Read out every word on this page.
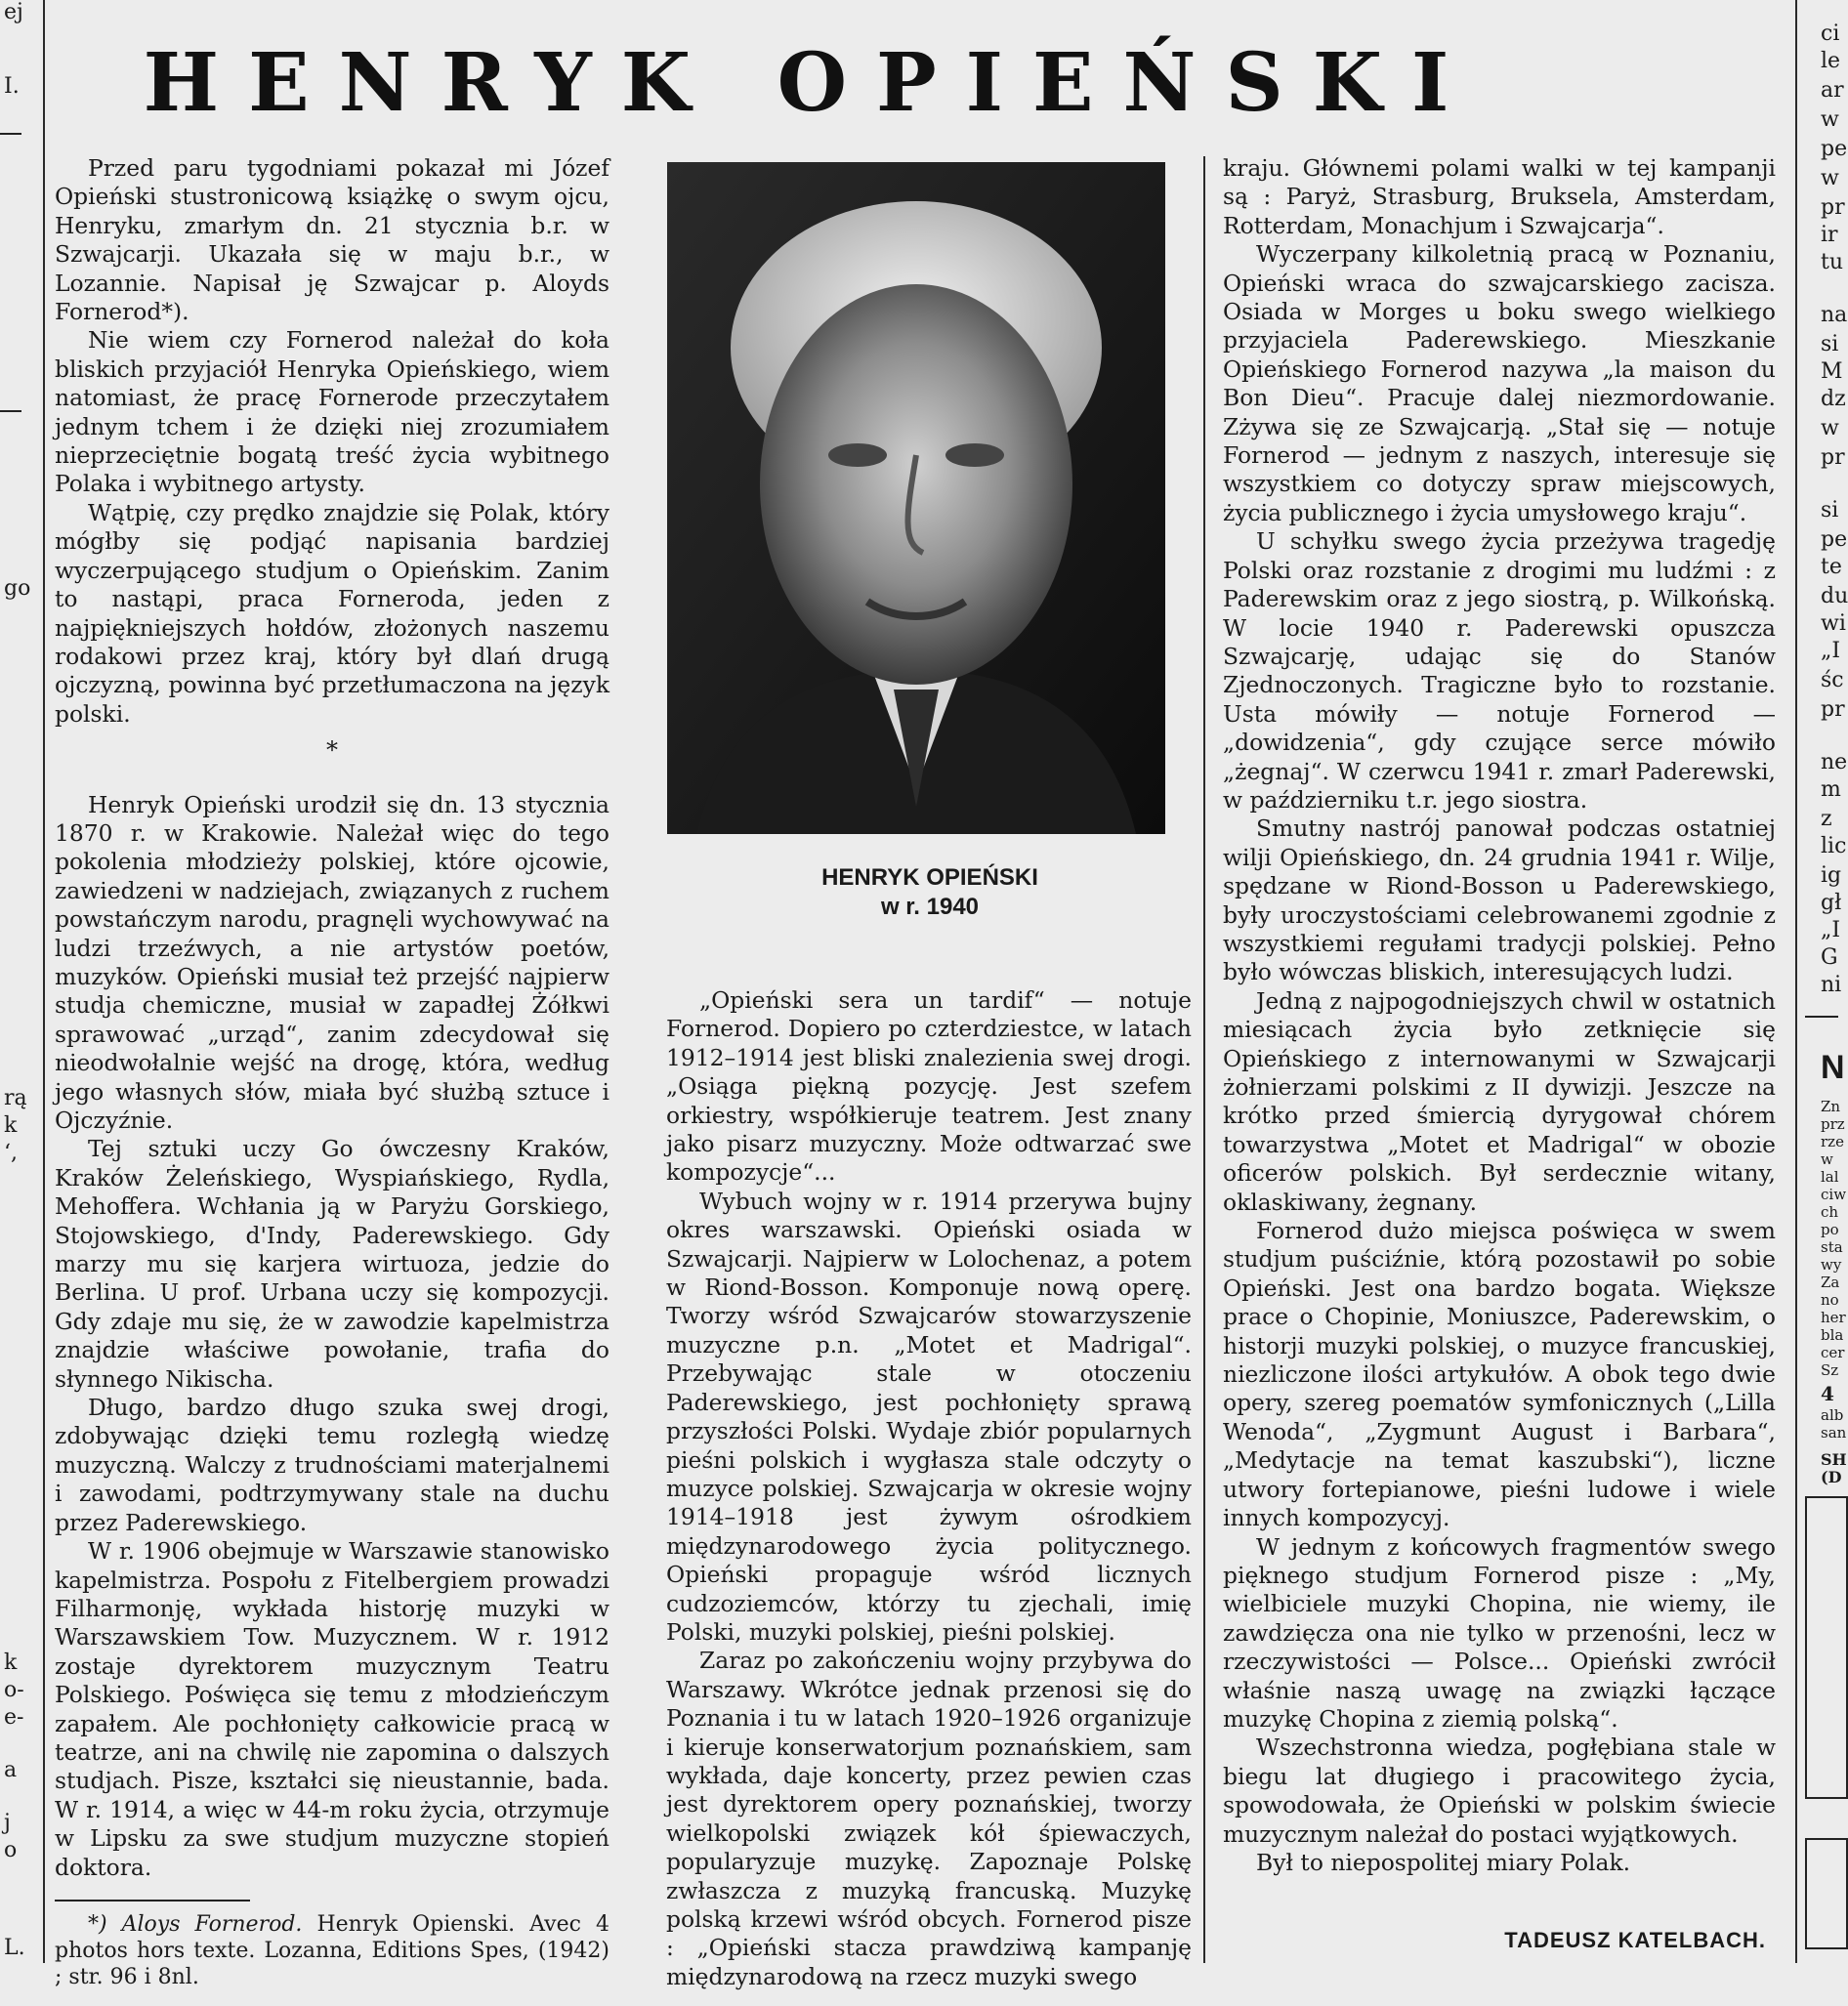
ej
I.
go
rą
k
‘,
k
o-
e-
a
j
o
L.
HENRYK OPIEŃSKI

Przed paru tygodniami pokazał mi Józef Opieński stustronicową książkę o swym ojcu, Henryku, zmarłym dn. 21 stycznia b.r. w Szwajcarji. Ukazała się w maju b.r., w Lozannie. Napisał ję Szwajcar p. Aloyds Fornerod*).

Nie wiem czy Fornerod należał do koła bliskich przyjaciół Henryka Opieńskiego, wiem natomiast, że pracę Fornerode przeczytałem jednym tchem i że dzięki niej zrozumiałem nieprzeciętnie bogatą treść życia wybitnego Polaka i wybitnego artysty.

Wątpię, czy prędko znajdzie się Polak, który mógłby się podjąć napisania bardziej wyczerpującego studjum o Opieńskim. Zanim to nastąpi, praca Forneroda, jeden z najpiękniejszych hołdów, złożonych naszemu rodakowi przez kraj, który był dlań drugą ojczyzną, powinna być przetłumaczona na język polski.

*

Henryk Opieński urodził się dn. 13 stycznia 1870 r. w Krakowie. Należał więc do tego pokolenia młodzieży polskiej, które ojcowie, zawiedzeni w nadziejach, związanych z ruchem powstańczym narodu, pragnęli wychowywać na ludzi trzeźwych, a nie artystów poetów, muzyków. Opieński musiał też przejść najpierw studja chemiczne, musiał w zapadłej Żółkwi sprawować „urząd“, zanim zdecydował się nieodwołalnie wejść na drogę, która, według jego własnych słów, miała być służbą sztuce i Ojczyźnie.

Tej sztuki uczy Go ówczesny Kraków, Kraków Żeleńskiego, Wyspiańskiego, Rydla, Mehoffera. Wchłania ją w Paryżu Gorskiego, Stojowskiego, d'Indy, Paderewskiego. Gdy marzy mu się karjera wirtuoza, jedzie do Berlina. U prof. Urbana uczy się kompozycji. Gdy zdaje mu się, że w zawodzie kapelmistrza znajdzie właściwe powołanie, trafia do słynnego Nikischa.

Długo, bardzo długo szuka swej drogi, zdobywając dzięki temu rozległą wiedzę muzyczną. Walczy z trudnościami materjalnemi i zawodami, podtrzymywany stale na duchu przez Paderewskiego.

W r. 1906 obejmuje w Warszawie stanowisko kapelmistrza. Pospołu z Fitelbergiem prowadzi Filharmonję, wykłada historję muzyki w Warszawskiem Tow. Muzycznem. W r. 1912 zostaje dyrektorem muzycznym Teatru Polskiego. Poświęca się temu z młodzieńczym zapałem. Ale pochłonięty całkowicie pracą w teatrze, ani na chwilę nie zapomina o dalszych studjach. Pisze, kształci się nieustannie, bada. W r. 1914, a więc w 44-m roku życia, otrzymuje w Lipsku za swe studjum muzyczne stopień doktora.

*) Aloys Fornerod. Henryk Opienski. Avec 4 photos hors texte. Lozanna, Editions Spes, (1942) ; str. 96 i 8nl.

HENRYK OPIEŃSKI
w r. 1940

„Opieński sera un tardif“ — notuje Fornerod. Dopiero po czterdziestce, w latach 1912–1914 jest bliski znalezienia swej drogi. „Osiąga piękną pozycję. Jest szefem orkiestry, współkieruje teatrem. Jest znany jako pisarz muzyczny. Może odtwarzać swe kompozycje“...

Wybuch wojny w r. 1914 przerywa bujny okres warszawski. Opieński osiada w Szwajcarji. Najpierw w Lolochenaz, a potem w Riond-Bosson. Komponuje nową operę. Tworzy wśród Szwajcarów stowarzyszenie muzyczne p.n. „Motet et Madrigal“. Przebywając stale w otoczeniu Paderewskiego, jest pochłonięty sprawą przyszłości Polski. Wydaje zbiór popularnych pieśni polskich i wygłasza stale odczyty o muzyce polskiej. Szwajcarja w okresie wojny 1914–1918 jest żywym ośrodkiem międzynarodowego życia politycznego. Opieński propaguje wśród licznych cudzoziemców, którzy tu zjechali, imię Polski, muzyki polskiej, pieśni polskiej.

Zaraz po zakończeniu wojny przybywa do Warszawy. Wkrótce jednak przenosi się do Poznania i tu w latach 1920–1926 organizuje i kieruje konserwatorjum poznańskiem, sam wykłada, daje koncerty, przez pewien czas jest dyrektorem opery poznańskiej, tworzy wielkopolski związek kół śpiewaczych, popularyzuje muzykę. Zapoznaje Polskę zwłaszcza z muzyką francuską. Muzykę polską krzewi wśród obcych. Fornerod pisze : „Opieński stacza prawdziwą kampanję międzynarodową na rzecz muzyki swego

kraju. Głównemi polami walki w tej kampanji są : Paryż, Strasburg, Bruksela, Amsterdam, Rotterdam, Monachjum i Szwajcarja“.

Wyczerpany kilkoletnią pracą w Poznaniu, Opieński wraca do szwajcarskiego zacisza. Osiada w Morges u boku swego wielkiego przyjaciela Paderewskiego. Mieszkanie Opieńskiego Fornerod nazywa „la maison du Bon Dieu“. Pracuje dalej niezmordowanie. Zżywa się ze Szwajcarją. „Stał się — notuje Fornerod — jednym z naszych, interesuje się wszystkiem co dotyczy spraw miejscowych, życia publicznego i życia umysłowego kraju“.

U schyłku swego życia przeżywa tragedję Polski oraz rozstanie z drogimi mu ludźmi : z Paderewskim oraz z jego siostrą, p. Wilkońską. W locie 1940 r. Paderewski opuszcza Szwajcarję, udając się do Stanów Zjednoczonych. Tragiczne było to rozstanie. Usta mówiły — notuje Fornerod — „dowidzenia“, gdy czujące serce mówiło „żegnaj“. W czerwcu 1941 r. zmarł Paderewski, w październiku t.r. jego siostra.

Smutny nastrój panował podczas ostatniej wilji Opieńskiego, dn. 24 grudnia 1941 r. Wilje, spędzane w Riond-Bosson u Paderewskiego, były uroczystościami celebrowanemi zgodnie z wszystkiemi regułami tradycji polskiej. Pełno było wówczas bliskich, interesujących ludzi.

Jedną z najpogodniejszych chwil w ostatnich miesiącach życia było zetknięcie się Opieńskiego z internowanymi w Szwajcarji żołnierzami polskimi z II dywizji. Jeszcze na krótko przed śmiercią dyrygował chórem towarzystwa „Motet et Madrigal“ w obozie oficerów polskich. Był serdecznie witany, oklaskiwany, żegnany.

Fornerod dużo miejsca poświęca w swem studjum puściźnie, którą pozostawił po sobie Opieński. Jest ona bardzo bogata. Większe prace o Chopinie, Moniuszce, Paderewskim, o historji muzyki polskiej, o muzyce francuskiej, niezliczone ilości artykułów. A obok tego dwie opery, szereg poematów symfonicznych („Lilla Wenoda“, „Zygmunt August i Barbara“, „Medytacje na temat kaszubski“), liczne utwory fortepianowe, pieśni ludowe i wiele innych kompozycyj.

W jednym z końcowych fragmentów swego pięknego studjum Fornerod pisze : „My, wielbiciele muzyki Chopina, nie wiemy, ile zawdzięcza ona nie tylko w przenośni, lecz w rzeczywistości — Polsce... Opieński zwrócił właśnie naszą uwagę na związki łączące muzykę Chopina z ziemią polską“.

Wszechstronna wiedza, pogłębiana stale w biegu lat długiego i pracowitego życia, spowodowała, że Opieński w polskim świecie muzycznym należał do postaci wyjątkowych.

Był to niepospolitej miary Polak.

TADEUSZ KATELBACH.
ci
le
ar
w
pe
w
pr
ir
tu
na
si
M
dz
w
pr
si
pe
te
du
wi
„I
śc
pr
ne
m
z
lic
ig
gł
„I
G
ni
N
Zn
prz
rze
w
lal
ciw
ch
po
sta
wy
Za
no
her
bla
cer
Sz
4
alb
san
SH
(D
